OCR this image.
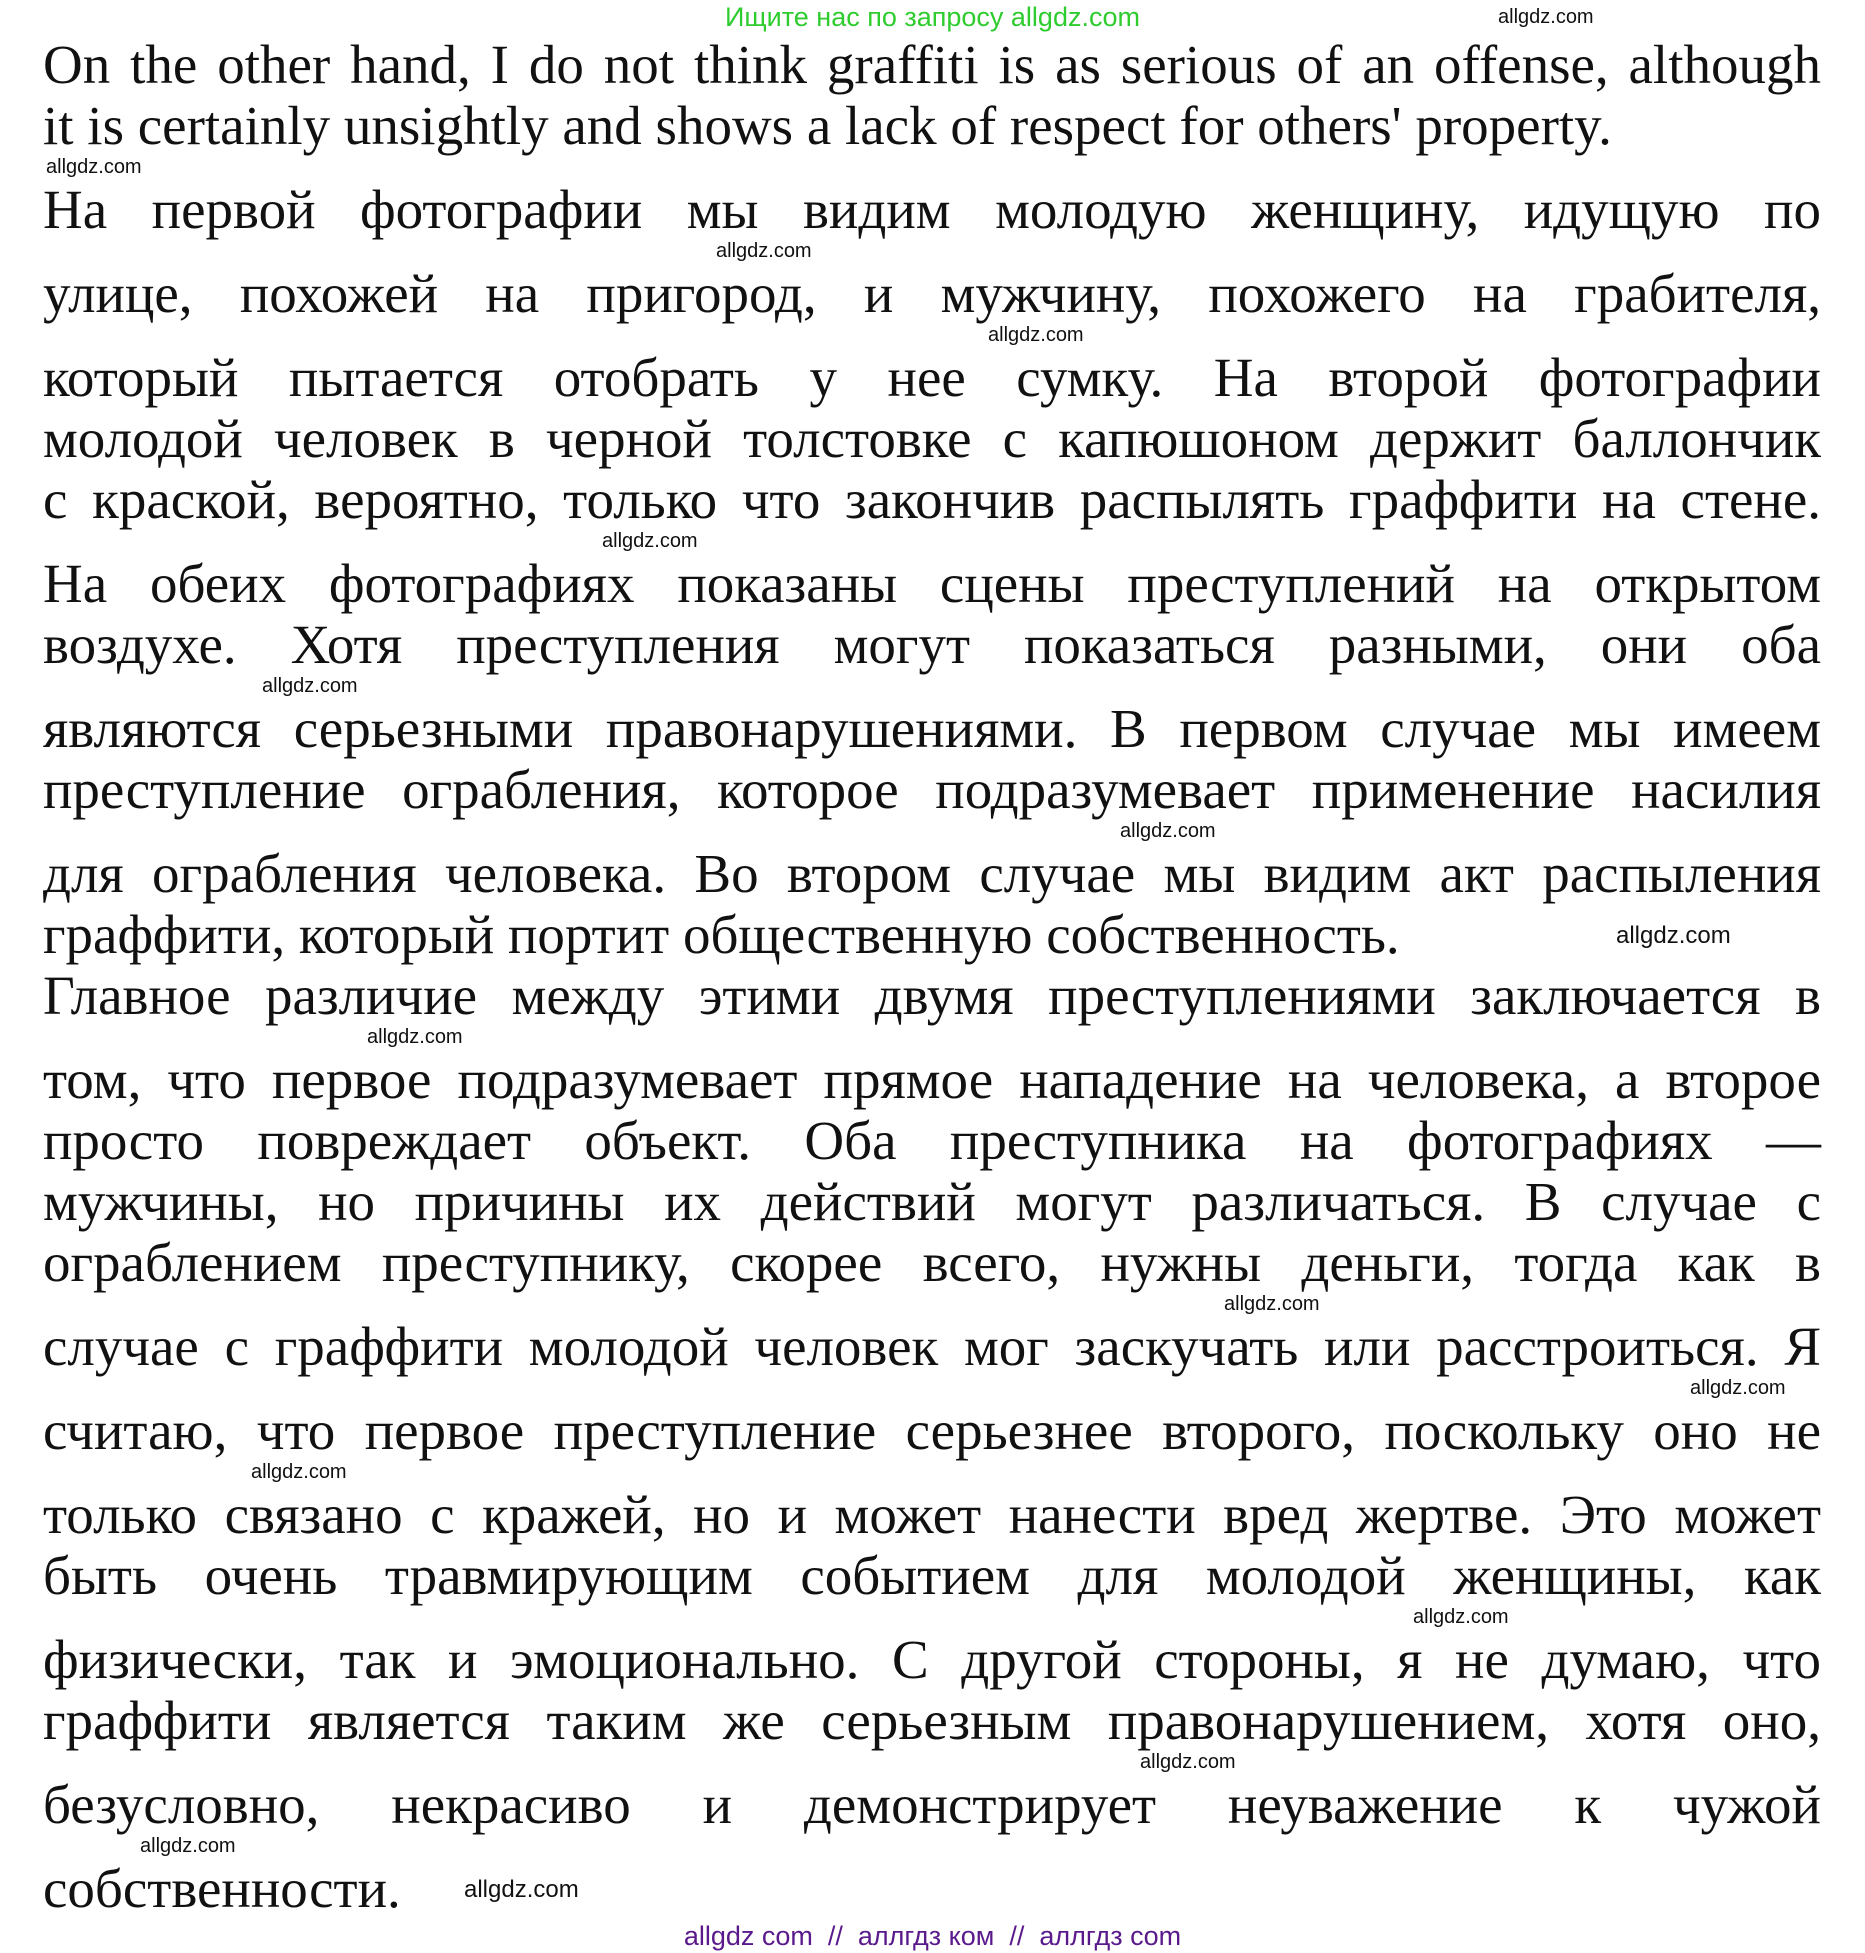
Ищите нас по запросу allgdz.com	allgdz.com
On the other hand, I do not think graffiti is as serious of an offense, although
it is certainly unsightly and shows a lack of respect for others' property.
allgdz.com
На первой фотографии мы видим молодую женщину, идущую по
allgdz.com
улице, похожей на пригород, и мужчину, похожего на грабителя,
allgdz.com
который пытается отобрать у нее сумку. На второй фотографии
молодой человек в черной толстовке с капюшоном держит баллончик
с краской, вероятно, только что закончив распылять граффити на стене.
allgdz.com
На обеих фотографиях показаны сцены преступлений на открытом
воздухе. Хотя преступления могут показаться разными, они оба
allgdz.com
являются серьезными правонарушениями. В первом случае мы имеем
преступление ограбления, которое подразумевает применение насилия
allgdz.com
для ограбления человека. Во втором случае мы видим акт распыления
граффити, который портит общественную собственность.	allgdz.com
Главное различие между этими двумя преступлениями заключается в
allgdz.com
том, что первое подразумевает прямое нападение на человека, а второе
просто повреждает объект. Оба преступника на фотографиях —
мужчины, но причины их действий могут различаться. В случае с
ограблением преступнику, скорее всего, нужны деньги, тогда как в
allgdz.com
случае с граффити молодой человек мог заскучать или расстроиться. Я
allgdz.com
считаю, что первое преступление серьезнее второго, поскольку оно не
allgdz.com
только связано с кражей, но и может нанести вред жертве. Это может
быть очень травмирующим событием для молодой женщины, как
allgdz.com
физически, так и эмоционально. С другой стороны, я не думаю, что
граффити является таким же серьезным правонарушением, хотя оно,
allgdz.com
безусловно, некрасиво и демонстрирует неуважение к чужой
allgdz.com
собственности.	allgdz.com
allgdz com  //  аллгдз ком  //  аллгдз com
